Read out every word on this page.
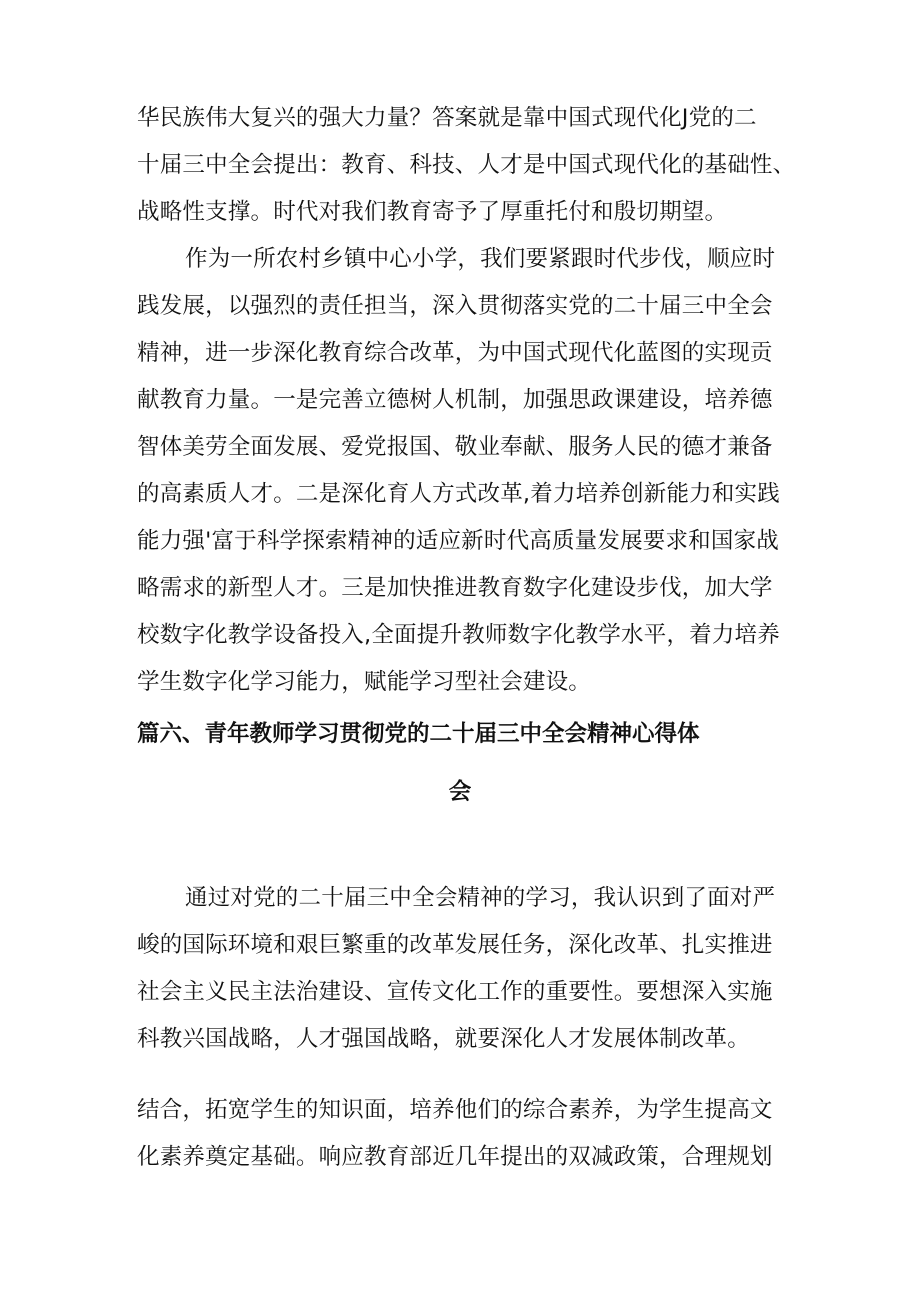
华民族伟大复兴的强大力量？答案就是靠中国式现代化J党的二
十届三中全会提出：教育、科技、人才是中国式现代化的基础性、
战略性支撑。时代对我们教育寄予了厚重托付和殷切期望。
作为一所农村乡镇中心小学，我们要紧跟时代步伐，顺应时
践发展，以强烈的责任担当，深入贯彻落实党的二十届三中全会
精神，进一步深化教育综合改革，为中国式现代化蓝图的实现贡
献教育力量。一是完善立德树人机制，加强思政课建设，培养德
智体美劳全面发展、爱党报国、敬业奉献、服务人民的德才兼备
的高素质人才。二是深化育人方式改革,着力培养创新能力和实践
能力强'富于科学探索精神的适应新时代高质量发展要求和国家战
略需求的新型人才。三是加快推进教育数字化建设步伐，加大学
校数字化教学设备投入,全面提升教师数字化教学水平，着力培养
学生数字化学习能力，赋能学习型社会建设。
篇六、青年教师学习贯彻党的二十届三中全会精神心得体
会
通过对党的二十届三中全会精神的学习，我认识到了面对严
峻的国际环境和艰巨繁重的改革发展任务，深化改革、扎实推进
社会主义民主法治建设、宣传文化工作的重要性。要想深入实施
科教兴国战略，人才强国战略，就要深化人才发展体制改革。
结合，拓宽学生的知识面，培养他们的综合素养，为学生提高文
化素养奠定基础。响应教育部近几年提出的双减政策，合理规划
